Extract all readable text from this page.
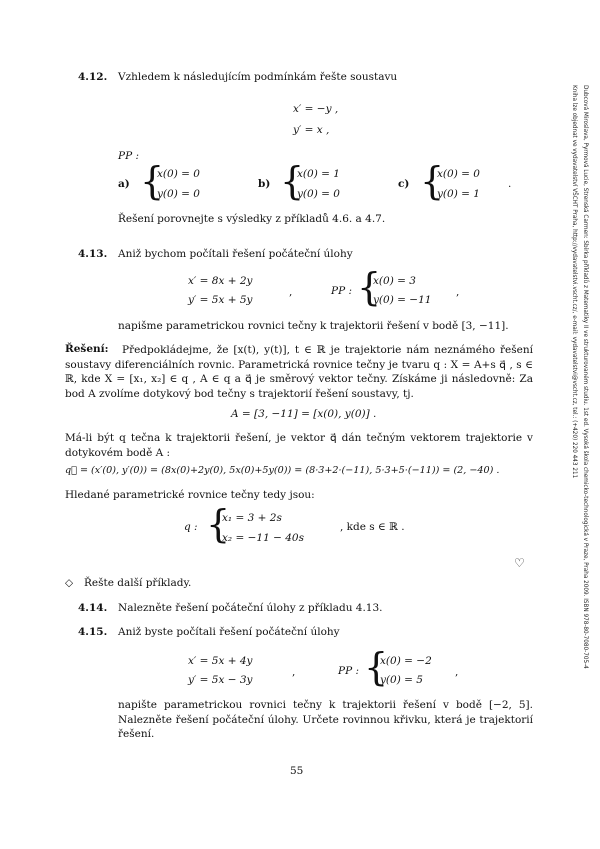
Dubcová Miroslava, Pyrmová Lucie, Strenská Carmen: Sbírka příkladů z Matematiky II ve strukturovaném studiu. 1st ed. Vysoká škola chemicko-technologická v Praze, Praha 2009. ISBN 978-80-7080-705-4
Kniha lze objednat ve vydavatelství VŠCHT Praha, http://vydavatelstvi.vscht.cz/, e-mail: vydavatelstvi@vscht.cz, tel.: (+420) 220 443 211
4.12. Vzhledem k následujícím podmínkám řešte soustavu
x′ = −y ,
y′ = x ,
PP :
a) {
x(0) = 0
y(0) = 0
b) {
x(0) = 1
y(0) = 0
c) {
x(0) = 0
y(0) = 1
.
Řešení porovnejte s výsledky z příkladů 4.6. a 4.7.
4.13. Aniž bychom počítali řešení počáteční úlohy
x′ = 8x + 2y
y′ = 5x + 5y
,	PP : {
x(0) = 3
y(0) = −11
,
napišme parametrickou rovnici tečny k trajektorii řešení v bodě [3, −11].
Řešení:	Předpokládejme, že [x(t), y(t)], t ∈ ℝ je trajektorie nám neznámého řešení soustavy diferenciálních rovnic. Parametrická rovnice tečny je tvaru q : X = A+s q⃗ , s ∈ ℝ, kde X = [x₁, x₂] ∈ q , A ∈ q a q⃗ je směrový vektor tečny. Získáme ji následovně: Za bod A zvolíme dotykový bod tečny s trajektorií řešení soustavy, tj.
A = [3, −11] = [x(0), y(0)] .
Má-li být q tečna k trajektorii řešení, je vektor q⃗ dán tečným vektorem trajektorie v dotykovém bodě A :
q⃗ = (x′(0), y′(0)) = (8x(0)+2y(0), 5x(0)+5y(0)) = (8·3+2·(−11), 5·3+5·(−11)) = (2, −40) .
Hledané parametrické rovnice tečny tedy jsou:
q : {
x₁ = 3 + 2s
x₂ = −11 − 40s
, kde s ∈ ℝ .
♡
◇ Řešte další příklady.
4.14. Nalezněte řešení počáteční úlohy z příkladu 4.13.
4.15. Aniž byste počítali řešení počáteční úlohy
x′ = 5x + 4y
y′ = 5x − 3y
,	PP : {
x(0) = −2
y(0) = 5
,
napište parametrickou rovnici tečny k trajektorii řešení v bodě [−2, 5]. Nalezněte řešení počáteční úlohy. Určete rovinnou křivku, která je trajektorií řešení.
55
